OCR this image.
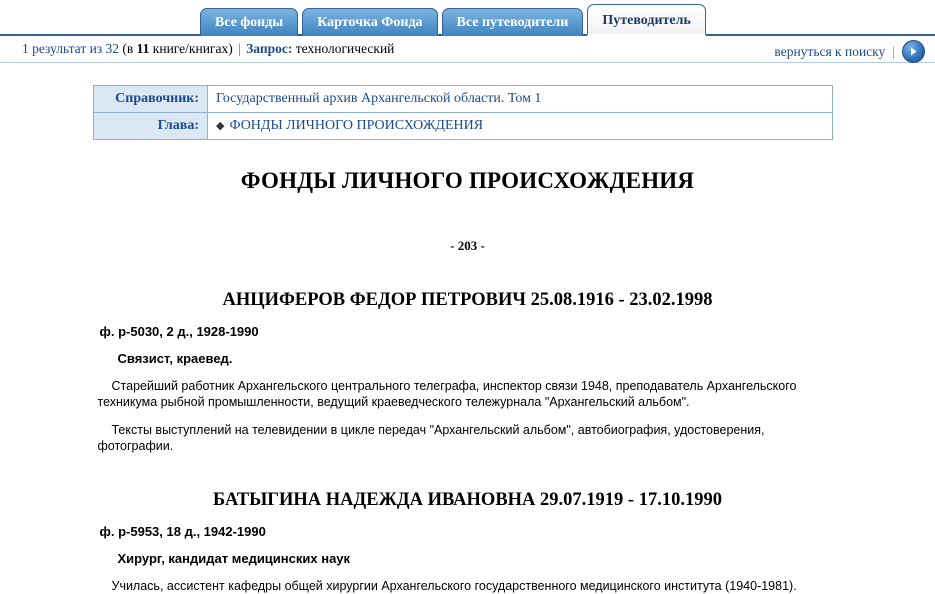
Все фонды	Карточка Фонда	Все путеводители	Путеводитель
1 результат из 32 (в 11 книге/книгах) | Запрос: технологический	вернуться к поиску |
Справочник:	Государственный архив Архангельской области. Том 1
Глава:	◆ ФОНДЫ ЛИЧНОГО ПРОИСХОЖДЕНИЯ
ФОНДЫ ЛИЧНОГО ПРОИСХОЖДЕНИЯ
- 203 -
АНЦИФЕРОВ ФЕДОР ПЕТРОВИЧ 25.08.1916 - 23.02.1998
ф. р-5030, 2 д., 1928-1990
Связист, краевед.

Старейший работник Архангельского центрального телеграфа, инспектор связи 1948, преподаватель Архангельского техникума рыбной промышленности, ведущий краеведческого тележурнала "Архангельский альбом".

Тексты выступлений на телевидении в цикле передач "Архангельский альбом", автобиография, удостоверения, фотографии.

БАТЫГИНА НАДЕЖДА ИВАНОВНА 29.07.1919 - 17.10.1990
ф. р-5953, 18 д., 1942-1990
Хирург, кандидат медицинских наук

Училась, ассистент кафедры общей хирургии Архангельского государственного медицинского института (1940-1981).
